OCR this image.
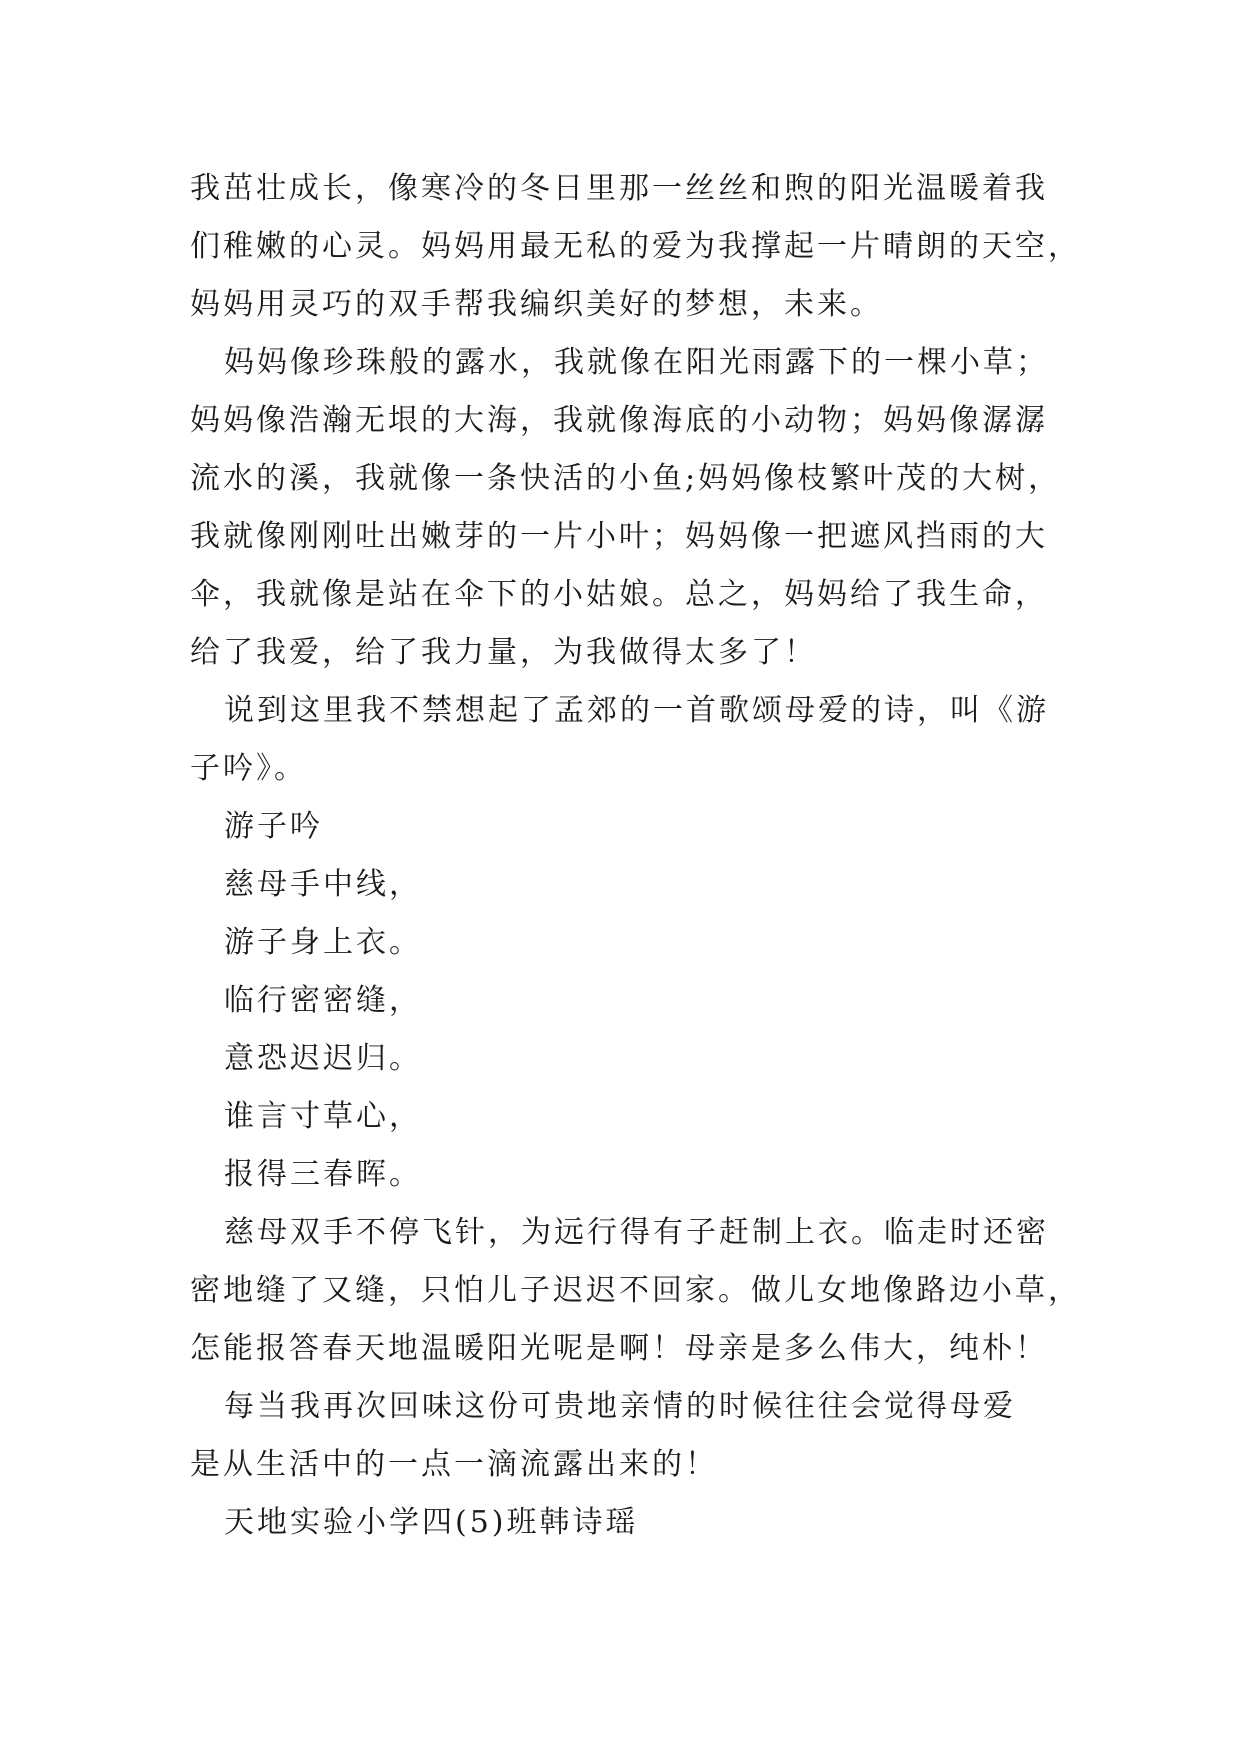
我茁壮成长，像寒冷的冬日里那一丝丝和煦的阳光温暖着我
们稚嫩的心灵。妈妈用最无私的爱为我撑起一片晴朗的天空，
妈妈用灵巧的双手帮我编织美好的梦想，未来。
妈妈像珍珠般的露水，我就像在阳光雨露下的一棵小草；
妈妈像浩瀚无垠的大海，我就像海底的小动物；妈妈像潺潺
流水的溪，我就像一条快活的小鱼;妈妈像枝繁叶茂的大树，
我就像刚刚吐出嫩芽的一片小叶；妈妈像一把遮风挡雨的大
伞，我就像是站在伞下的小姑娘。总之，妈妈给了我生命，
给了我爱，给了我力量，为我做得太多了！
说到这里我不禁想起了孟郊的一首歌颂母爱的诗，叫《游
子吟》。
游子吟
慈母手中线，
游子身上衣。
临行密密缝，
意恐迟迟归。
谁言寸草心，
报得三春晖。
慈母双手不停飞针，为远行得有子赶制上衣。临走时还密
密地缝了又缝，只怕儿子迟迟不回家。做儿女地像路边小草，
怎能报答春天地温暖阳光呢是啊！母亲是多么伟大，纯朴！
每当我再次回味这份可贵地亲情的时候往往会觉得母爱
是从生活中的一点一滴流露出来的！
天地实验小学四(5)班韩诗瑶
